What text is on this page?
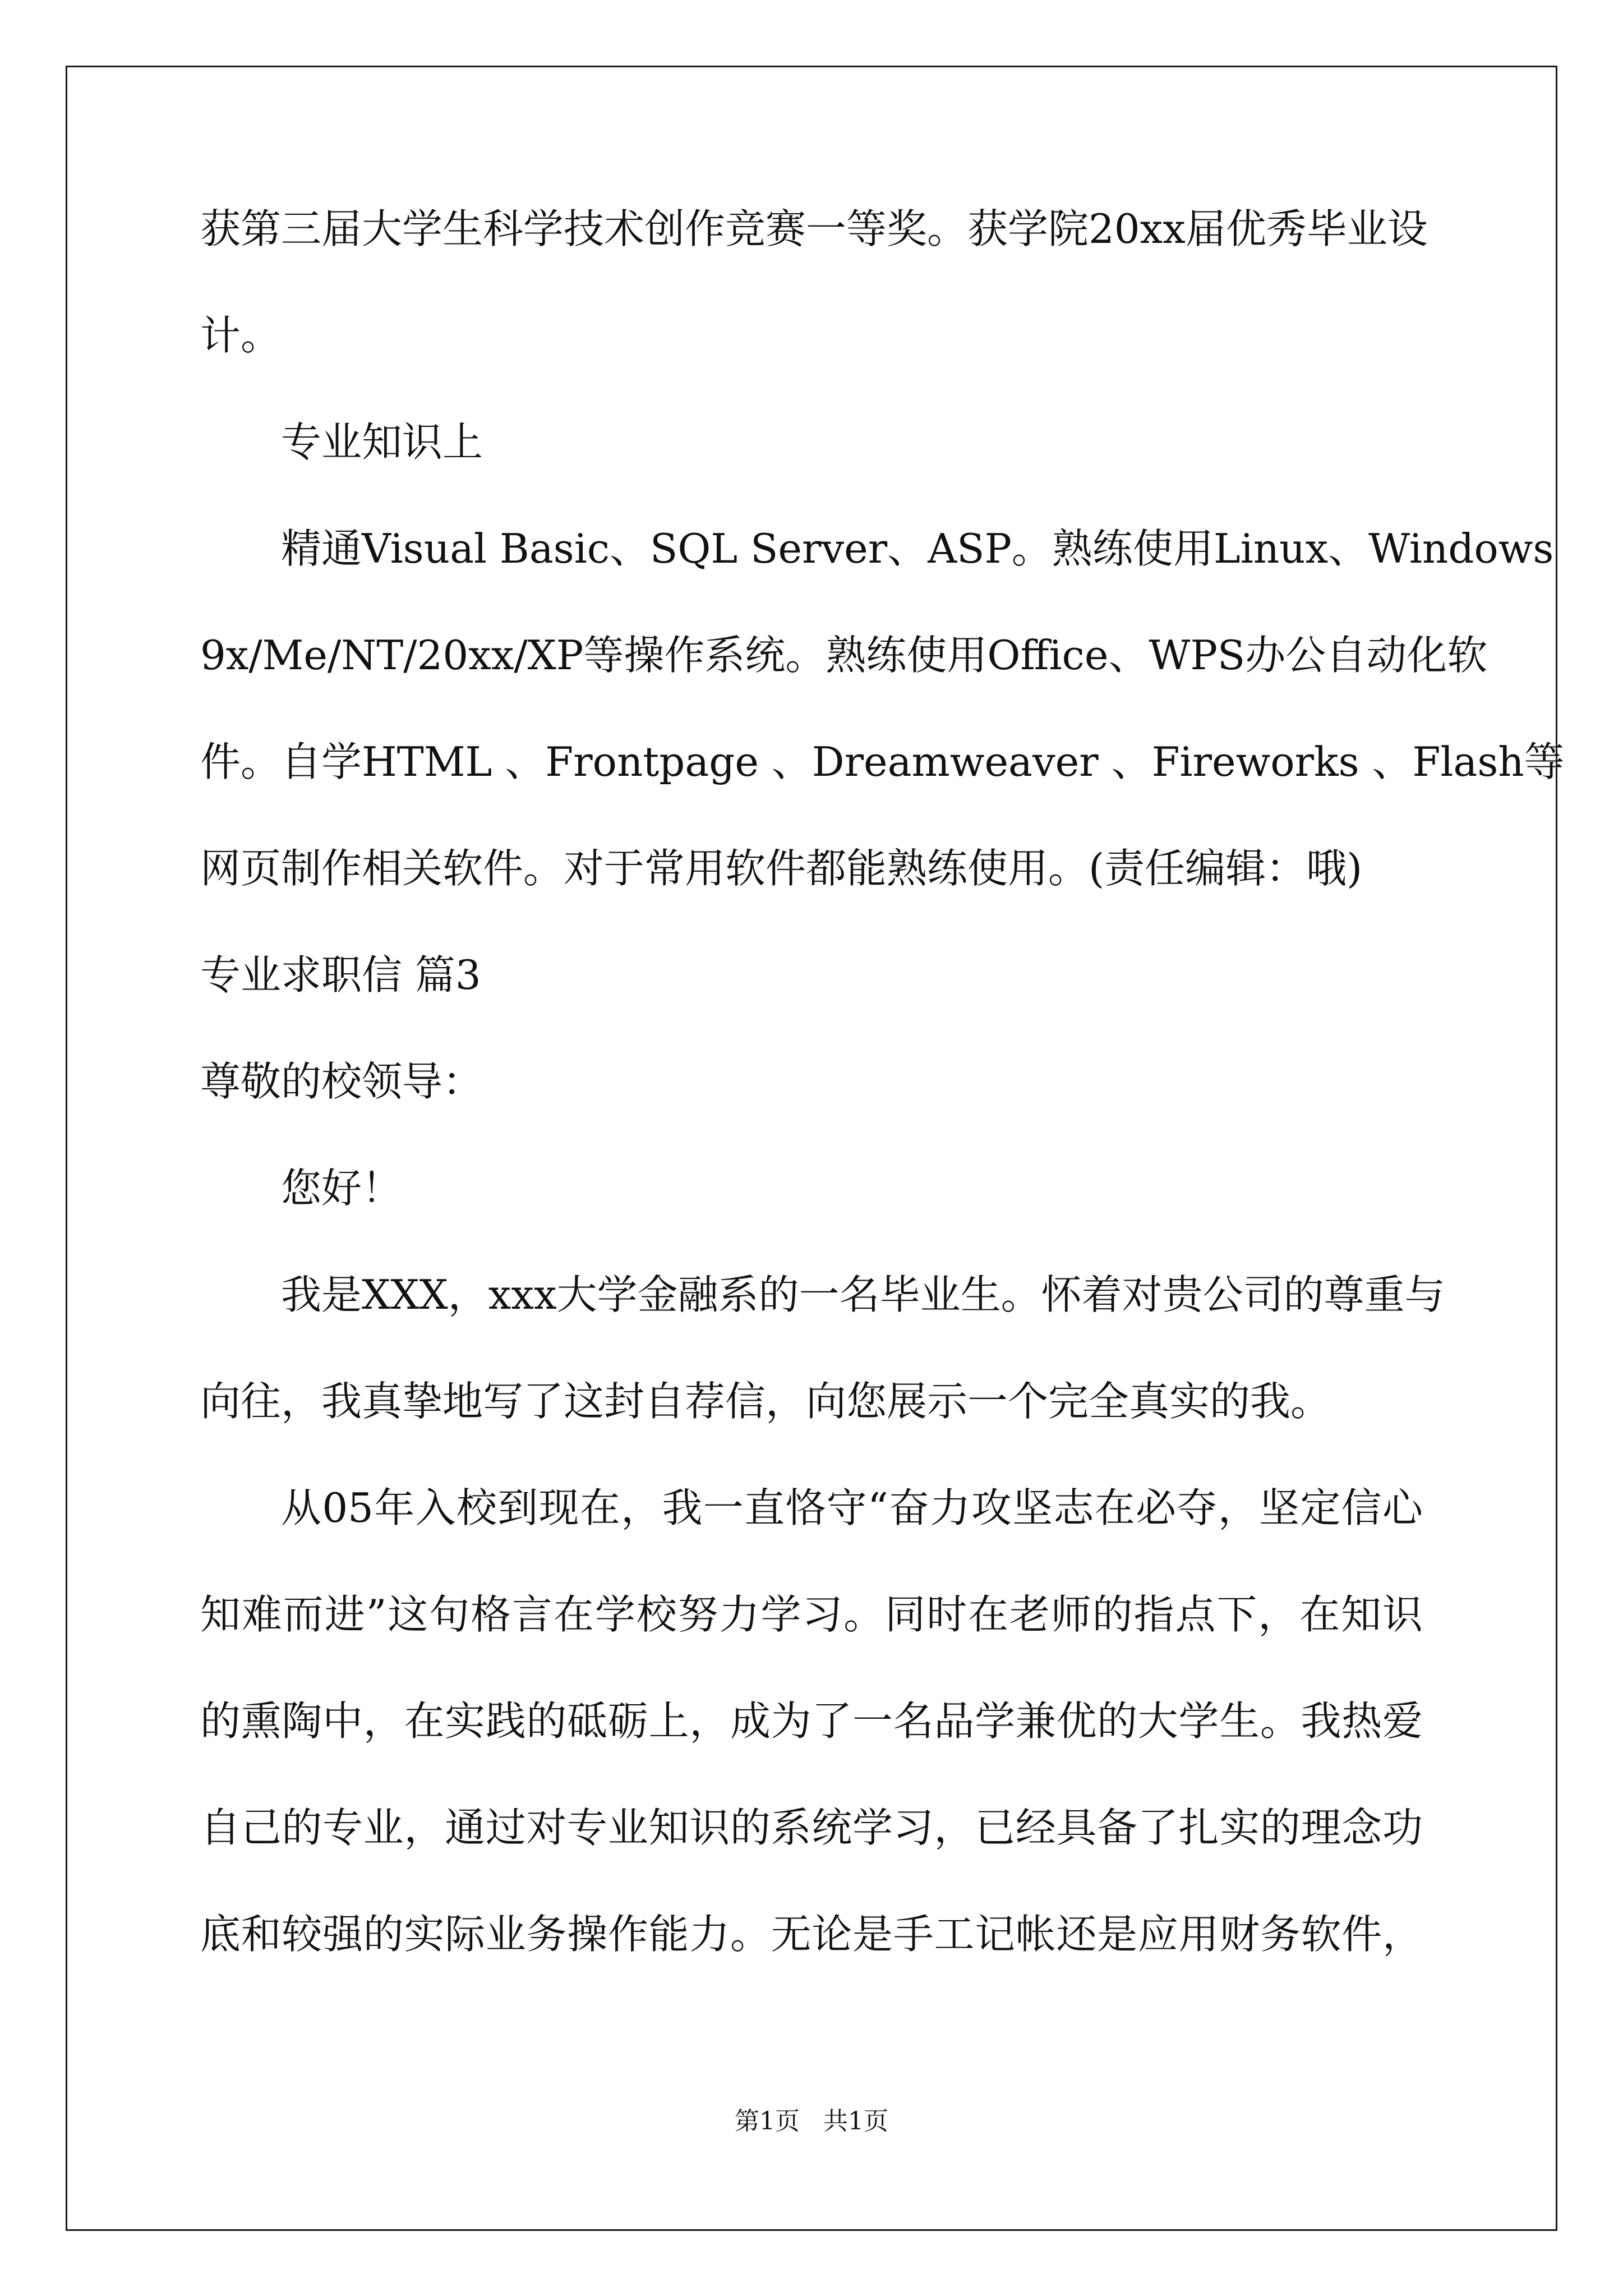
获第三届大学生科学技术创作竞赛一等奖。获学院20xx届优秀毕业设
计。
专业知识上
精通Visual Basic、SQL Server、ASP。熟练使用Linux、Windows
9x/Me/NT/20xx/XP等操作系统。熟练使用Office、WPS办公自动化软
件。自学HTML 、Frontpage 、Dreamweaver 、Fireworks 、Flash等
网页制作相关软件。对于常用软件都能熟练使用。(责任编辑：哦)
专业求职信 篇3
尊敬的校领导：
您好！
我是XXX，xxx大学金融系的一名毕业生。怀着对贵公司的尊重与
向往，我真挚地写了这封自荐信，向您展示一个完全真实的我。
从05年入校到现在，我一直恪守“奋力攻坚志在必夺，坚定信心
知难而进”这句格言在学校努力学习。同时在老师的指点下，在知识
的熏陶中，在实践的砥砺上，成为了一名品学兼优的大学生。我热爱
自己的专业，通过对专业知识的系统学习，已经具备了扎实的理念功
底和较强的实际业务操作能力。无论是手工记帐还是应用财务软件，
第1页   共1页
